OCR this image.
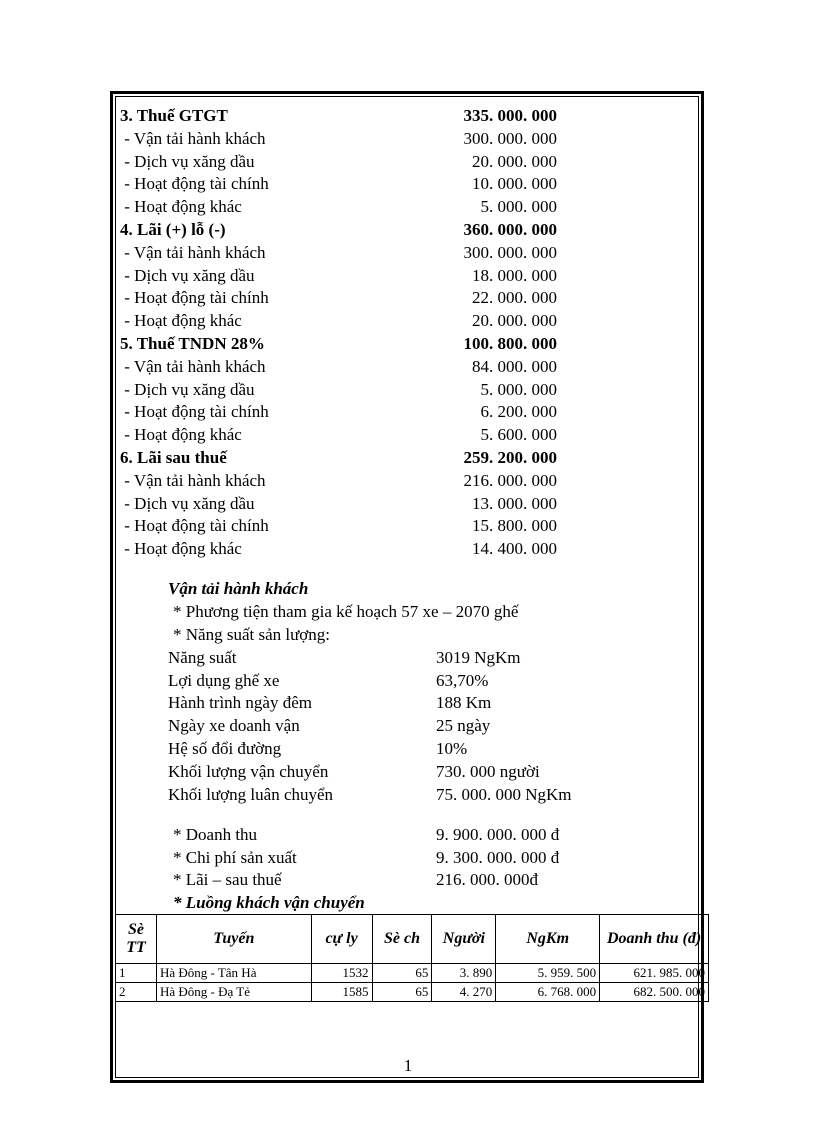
3. Thuế GTGT	335. 000. 000
- Vận tải hành khách	300. 000. 000
- Dịch vụ xăng dầu	20. 000. 000
- Hoạt động tài chính	10. 000. 000
- Hoạt động khác	5. 000. 000
4. Lãi (+) lỗ (-)	360. 000. 000
- Vận tải hành khách	300. 000. 000
- Dịch vụ xăng dầu	18. 000. 000
- Hoạt động tài chính	22. 000. 000
- Hoạt động khác	20. 000. 000
5. Thuế TNDN 28%	100. 800. 000
- Vận tải hành khách	84. 000. 000
- Dịch vụ xăng dầu	5. 000. 000
- Hoạt động tài chính	6. 200. 000
- Hoạt động khác	5. 600. 000
6. Lãi sau thuế	259. 200. 000
- Vận tải hành khách	216. 000. 000
- Dịch vụ xăng dầu	13. 000. 000
- Hoạt động tài chính	15. 800. 000
- Hoạt động khác	14. 400. 000
Vận tải hành khách
* Phương tiện tham gia kế hoạch 57 xe – 2070 ghế
* Năng suất sản lượng:
Năng suất	3019 NgKm
Lợi dụng ghế xe	63,70%
Hành trình ngày đêm	188 Km
Ngày xe doanh vận	25 ngày
Hệ số đổi đường	10%
Khối lượng vận chuyển	730. 000 người
Khối lượng luân chuyển	75. 000. 000 NgKm
* Doanh thu	9. 900. 000. 000 đ
* Chi phí sản xuất	9. 300. 000. 000 đ
* Lãi – sau thuế	216. 000. 000đ
* Luồng khách vận chuyển
Sè TT	Tuyến	cự ly	Sè ch	Người	NgKm	Doanh thu (đ)
1	Hà Đông - Tân Hà	1532	65	3. 890	5. 959. 500	621. 985. 000
2	Hà Đông - Đạ Tẻ	1585	65	4. 270	6. 768. 000	682. 500. 000
1
